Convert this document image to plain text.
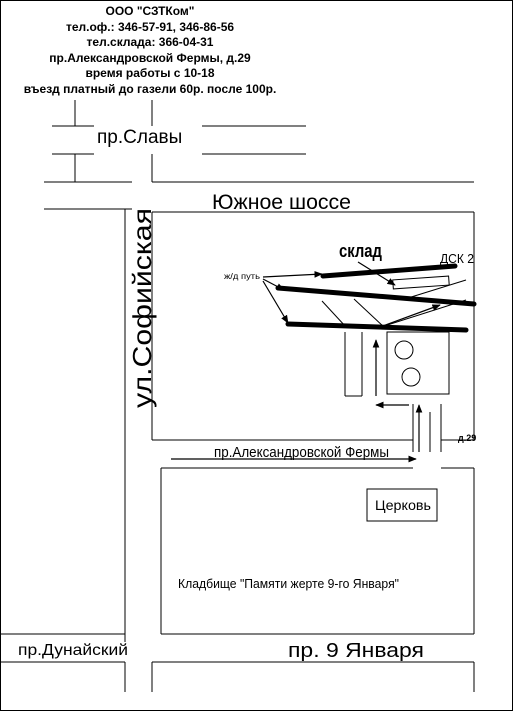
ООО "СЗТКом"
тел.оф.: 346-57-91, 346-86-56
тел.склада: 366-04-31
пр.Александровской Фермы, д.29
время работы с 10-18
въезд платный до газели 60р. после 100р.
пр.Славы
Южное шоссе
ул.Софийская
пр.Александровской Фермы
пр.Дунайский	пр. 9 Января
склад	ДСК 2
ж/д путь
д.29
Церковь
Кладбище "Памяти жерте 9-го Января"
